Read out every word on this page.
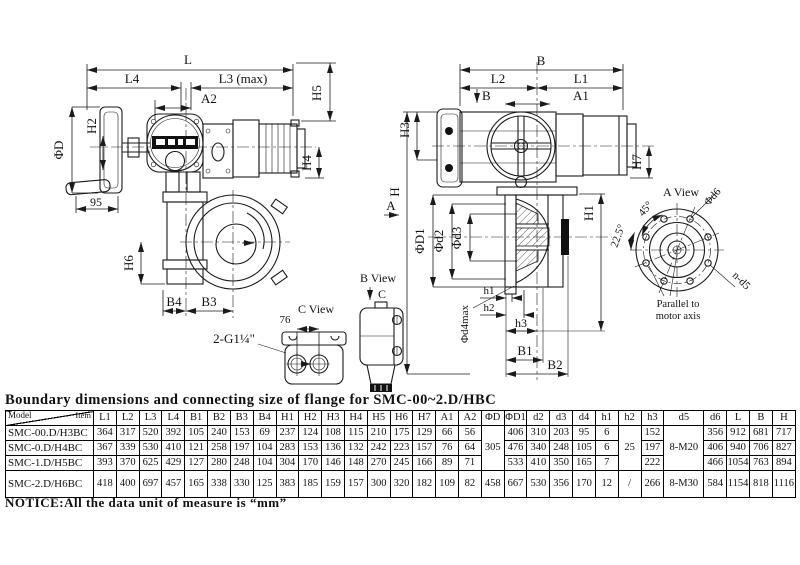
L
L4	L3 (max)
A2	H5
H4
H2
ΦD
95
H6
B4 B3
2-G1¼"
C View
76
B View
C
B
L2	L1
A1
B
H3
H
H7
H1
ΦD1 Φd2 Φd3
Φd4max
h1
h2
h3
B1
B2
A
A View
45°
22.5°
Φd6
n-d5
Parallel to
motor axis
Boundary dimensions and connecting size of flange for SMC-00~2.D/HBC
Model Item	L1	L2	L3	L4	B1	B2	B3	B4	H1	H2	H3	H4	H5	H6	H7	A1	A2	ΦD	ΦD1	d2	d3	d4	h1	h2	h3	d5	d6	L	B	H
SMC-00.D/H3BC	364	317	520	392	105	240	153	69	237	124	108	115	210	175	129	66	56	305	406	310	203	95	6	25	152	8-M20	356	912	681	717
SMC-0.D/H4BC	367	339	530	410	121	258	197	104	283	153	136	132	242	223	157	76	64		476	340	248	105	6		197		406	940	706	827
SMC-1.D/H5BC	393	370	625	429	127	280	248	104	304	170	146	148	270	245	166	89	71		533	410	350	165	7		222		466	1054	763	894
SMC-2.D/H6BC	418	400	697	457	165	338	330	125	383	185	159	157	300	320	182	109	82	458	667	530	356	170	12	/	266	8-M30	584	1154	818	1116
NOTICE:All the data unit of measure is “mm”
